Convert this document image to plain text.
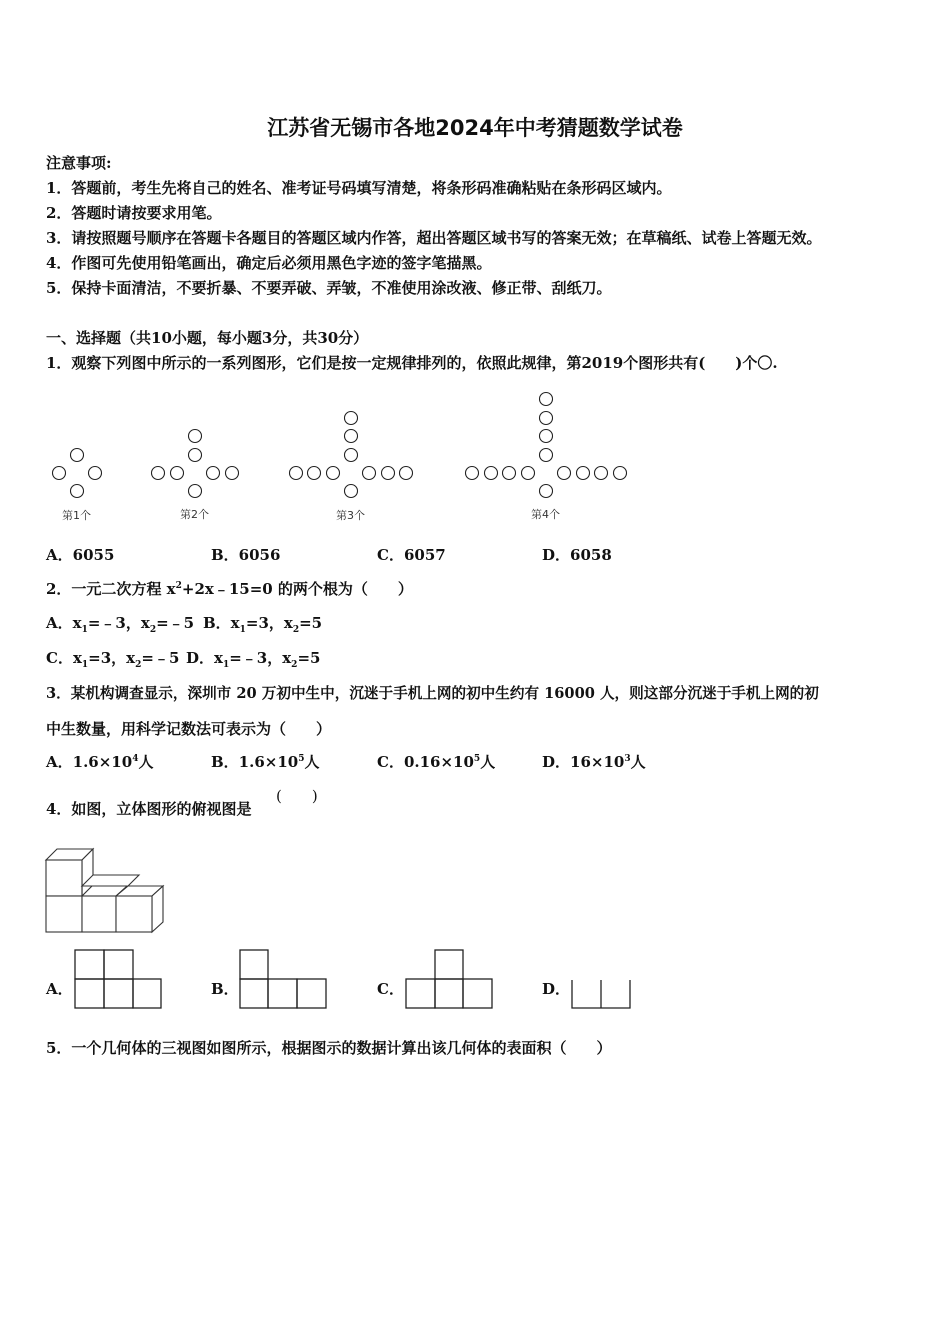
江苏省无锡市各地2024年中考猜题数学试卷
注意事项:
1．答题前，考生先将自己的姓名、准考证号码填写清楚，将条形码准确粘贴在条形码区域内。
2．答题时请按要求用笔。
3．请按照题号顺序在答题卡各题目的答题区域内作答，超出答题区域书写的答案无效；在草稿纸、试卷上答题无效。
4．作图可先使用铅笔画出，确定后必须用黑色字迹的签字笔描黑。
5．保持卡面清洁，不要折暴、不要弄破、弄皱，不准使用涂改液、修正带、刮纸刀。
一、选择题（共10小题，每小题3分，共30分）
1．观察下列图中所示的一系列图形，它们是按一定规律排列的，依照此规律，第2019个图形共有(　　)个〇.
第1个	第2个	第3个	第4个
A．6055	B．6056	C．6057	D．6058
2．一元二次方程 $x^2+2x﹣15=0$ 的两个根为（　　）
A．$x_1=﹣3$，$x_2=﹣5$ B．$x_1=3$，$x_2=5$
C．$x_1=3$，$x_2=﹣5$ D．$x_1=﹣3$，$x_2=5$
3．某机构调查显示，深圳市 20 万初中生中，沉迷于手机上网的初中生约有 16000 人，则这部分沉迷于手机上网的初
中生数量，用科学记数法可表示为（　　）
A．$1.6\times 10^4$人	B．$1.6\times 10^5$人	C．$0.16\times 10^5$人	D．$16\times 10^3$人
4．如图，立体图形的俯视图是
(　　)
A．	B．	C．	D．
5．一个几何体的三视图如图所示，根据图示的数据计算出该几何体的表面积（　　）
